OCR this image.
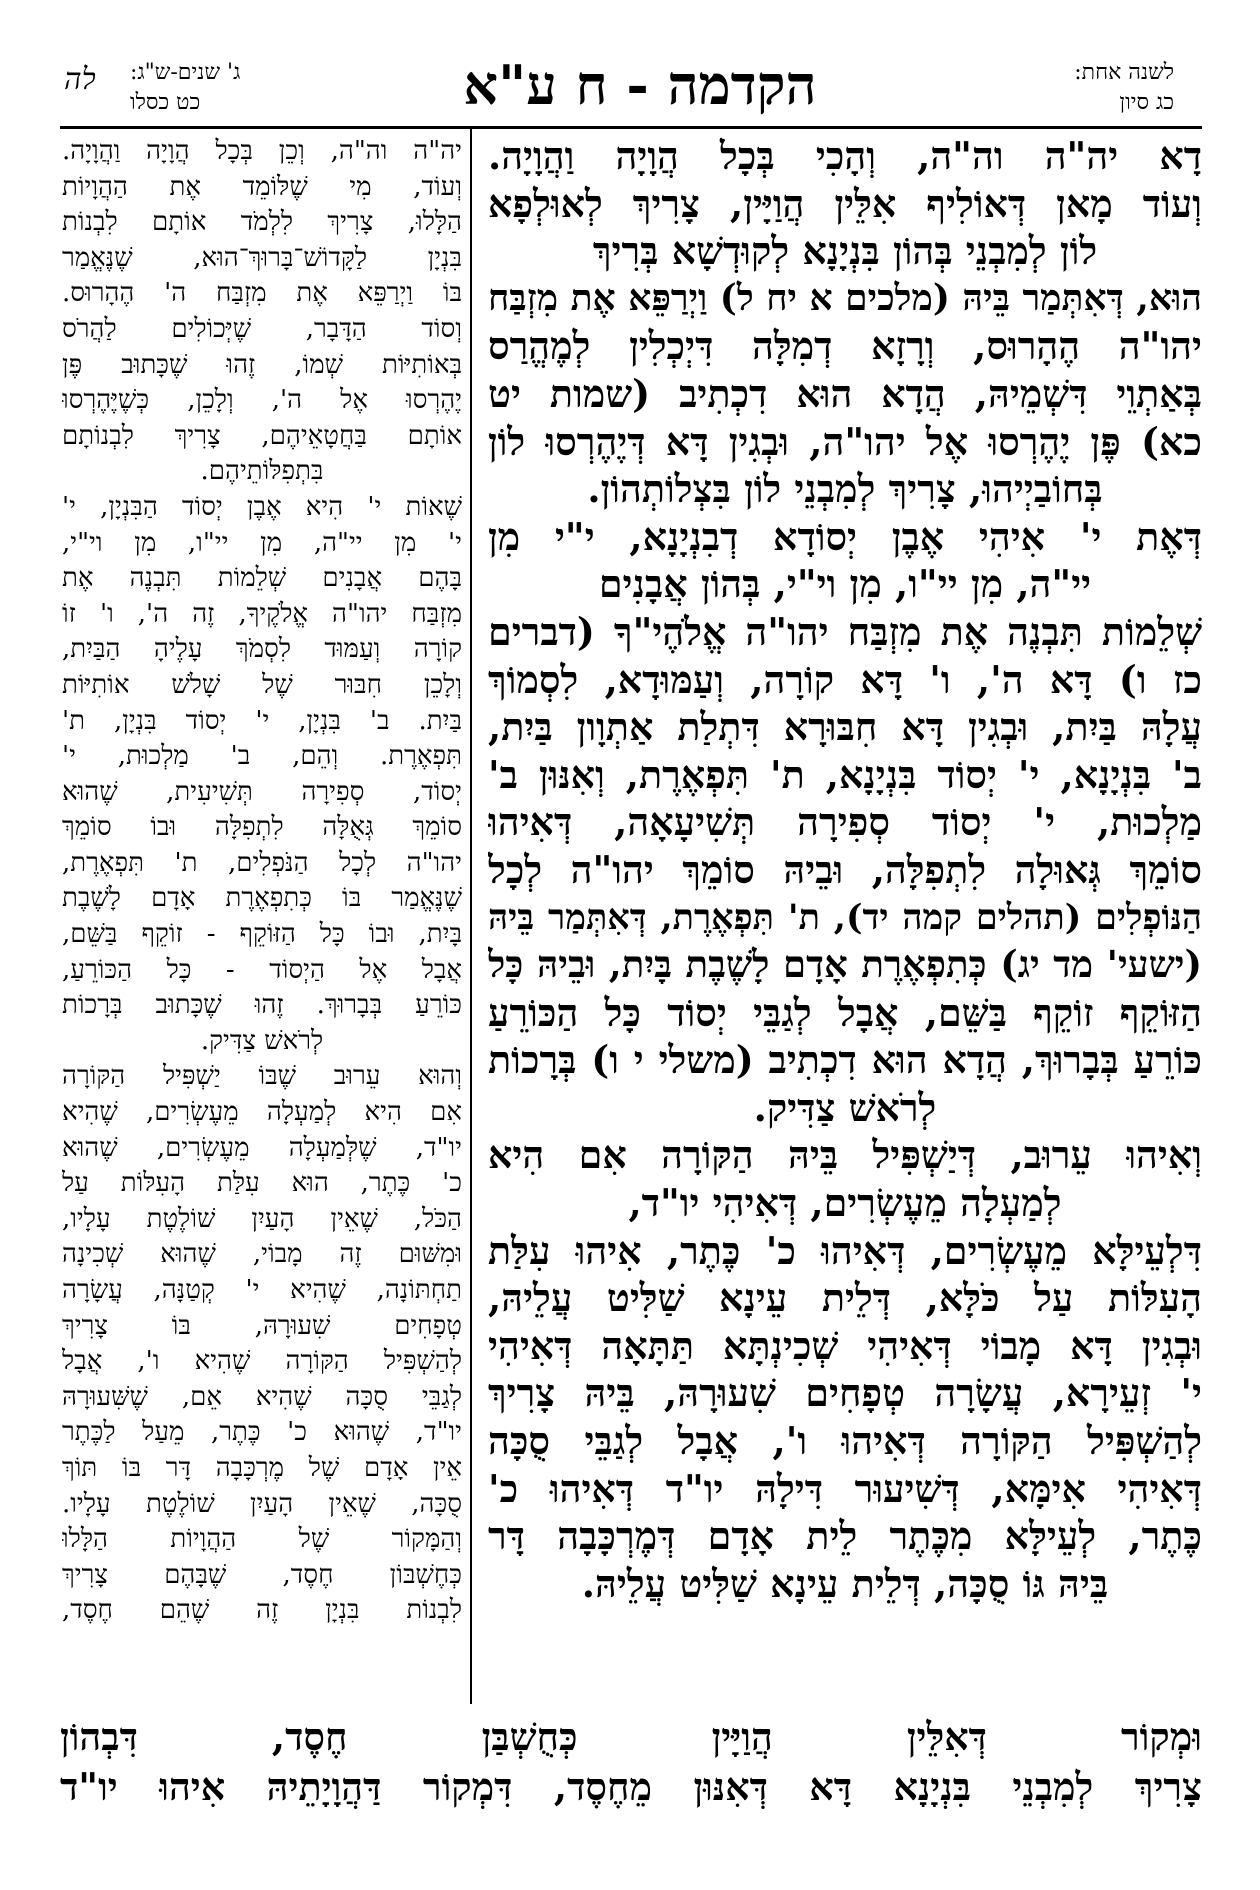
לשנה אחת:
כג סיון
הקדמה - ח ע"א
ג' שנים-ש"ג:
כט כסלו
לה
דָא יה"ה וה"ה, וְהָכִי בְּכָל הֲוָיָה וַהֲוָיָה.
וְעוֹד מָאן דְּאוֹלִיף אִלֵּין הֲוַיָּין, צָרִיךְ לְאוּלְפָא
לוֹן לְמִבְנֵי בְּהוֹן בִּנְיָנָא לְקוּדְשָׁא בְּרִיךְ
הוּא, דְּאִתְּמַר בֵּיהּ (מלכים א יח ל) וַיְרַפֵּא אֶת מִזְבַּח
יהו"ה הֶהָרוּס, וְרָזָא דְמִלָּה דִּיְכְלִין לְמֶהֱרַס
בְּאַתְוֵי דִּשְׁמֵיהּ, הֲדָא הוּא דִכְתִיב (שמות יט
כא) פֶּן יֶהֶרְסוּ אֶל יהו"ה, וּבְגִין דָּא דְּיֶהֶרְסוּ לוֹן
בְּחוֹבַיְיהוּ, צָרִיךְ לְמִבְנֵי לוֹן בִּצְלוֹתְהוֹן.
דְּאֶת י' אִיהִי אֶבֶן יְסוֹדָא דְבִנְיָנָא, י"י מִן
יי"ה, מִן יי"ו, מִן וי"י, בְּהוֹן אֲבָנִים
שְׁלֵמוֹת תִּבְנֶה אֶת מִזְבַּח יהו"ה אֱלֹהֶי"ךָ (דברים
כז ו) דָּא ה', ו' דָּא קוֹרָה, וְעַמּוּדָא, לִסְמוֹךְ
עֲלָהּ בַּיִת, וּבְגִין דָּא חִבּוּרָא דִּתְלַת אַתְוָון בַּיִת,
ב' בִּנְיָנָא, י' יְסוֹד בִּנְיָנָא, ת' תִּפְאֶרֶת, וְאִנּוּן ב'
מַלְכוּת, י' יְסוֹד סְפִירָה תְּשִׁיעָאָה, דְּאִיהוּ
סוֹמֵךְ גְּאוּלָה לִתְפִלָּה, וּבֵיהּ סוֹמֵךְ יהו"ה לְכָל
הַנּוֹפְלִים (תהלים קמה יד), ת' תִּפְאֶרֶת, דְּאִתְּמַר בֵּיהּ
(ישעי' מד יג) כְּתִפְאֶרֶת אָדָם לָשֶׁבֶת בָּיִת, וּבֵיהּ כָּל
הַזּוֹקֵף זוֹקֵף בַּשֵּׁם, אֲבָל לְגַבֵּי יְסוֹד כָּל הַכּוֹרֵעַ
כּוֹרֵעַ בְּבָרוּךְ, הֲדָא הוּא דִכְתִיב (משלי י ו) בְּרָכוֹת
לְרֹאשׁ צַדִּיק.
וְאִיהוּ עֵרוּב, דְּיַשְׁפִּיל בֵּיהּ הַקּוֹרָה אִם הִיא
לְמַעְלָה מֵעֶשְׂרִים, דְּאִיהִי יו"ד,
דִּלְעֵילָּא מֵעֶשְׂרִים, דְּאִיהוּ כ' כֶּתֶר, אִיהוּ עִלַּת
הָעִלּוֹת עַל כֹּלָּא, דְּלֵית עֵינָא שַׁלִּיט עֲלֵיהּ,
וּבְגִין דָּא מָבוֹי דְּאִיהִי שְׁכִינְתָּא תַּתָּאָה דְּאִיהִי
י' זְעֵירָא, עֲשָׂרָה טְפָחִים שִׁעוּרָהּ, בֵּיהּ צָרִיךְ
לְהַשְׁפִּיל הַקּוֹרָה דְּאִיהוּ ו', אֲבָל לְגַבֵּי סֻכָּה
דְּאִיהִי אִימָּא, דְּשִׁיעוּר דִּילָהּ יו"ד דְּאִיהוּ כ'
כֶּתֶר, לְעֵילָּא מִכֶּתֶר לֵית אָדָם דְּמֶרְכָּבָה דָּר
בֵּיהּ גּוֹ סֻכָּה, דְּלֵית עֵינָא שַׁלִּיט עֲלֵיהּ.
יה"ה וה"ה, וְכֵן בְּכָל הֲוָיָה וַהֲוָיָה.
וְעוֹד, מִי שֶׁלּוֹמֵד אֶת הַהֲוָיוֹת
הַלָּלוּ, צָרִיךְ לִלְמֹד אוֹתָם לִבְנוֹת
בִּנְיָן לַקָּדוֹשׁ־בָּרוּךְ־הוּא, שֶׁנֶּאֱמַר
בּוֹ וַיְרַפֵּא אֶת מִזְבַּח ה' הֶהָרוּס.
וְסוֹד הַדָּבָר, שֶׁיְּכוֹלִים לַהֲרֹס
בְּאוֹתִיּוֹת שְׁמוֹ, זֶהוּ שֶׁכָּתוּב פֶּן
יֶהֶרְסוּ אֶל ה', וְלָכֵן, כְּשֶׁיֶּהֶרְסוּ
אוֹתָם בַּחֲטָאֵיהֶם, צָרִיךְ לִבְנוֹתָם
בִּתְפִלּוֹתֵיהֶם.
שֶׁאוֹת י' הִיא אֶבֶן יְסוֹד הַבִּנְיָן, י'
י' מִן יי"ה, מִן יי"ו, מִן וי"י,
בָּהֶם אֲבָנִים שְׁלֵמוֹת תִּבְנֶה אֶת
מִזְבַּח יהו"ה אֱלֹקֶיךָ, זֶה ה', ו' זוֹ
קוֹרָה וְעַמּוּד לִסְמֹךְ עָלֶיהָ הַבַּיִת,
וְלָכֵן חִבּוּר שֶׁל שָׁלֹשׁ אוֹתִיּוֹת
בַּיִת. ב' בִּנְיָן, י' יְסוֹד בִּנְיָן, ת'
תִּפְאֶרֶת. וְהֵם, ב' מַלְכוּת, י'
יְסוֹד, סְפִירָה תְּשִׁיעִית, שֶׁהוּא
סוֹמֵךְ גְּאֻלָּה לִתְפִלָּה וּבוֹ סוֹמֵךְ
יהו"ה לְכָל הַנֹּפְלִים, ת' תִּפְאֶרֶת,
שֶׁנֶּאֱמַר בּוֹ כְּתִפְאֶרֶת אָדָם לָשֶׁבֶת
בָּיִת, וּבוֹ כָּל הַזּוֹקֵף - זוֹקֵף בַּשֵּׁם,
אֲבָל אֶל הַיְסוֹד - כָּל הַכּוֹרֵעַ,
כּוֹרֵעַ בְּבָרוּךְ. זֶהוּ שֶׁכָּתוּב בְּרָכוֹת
לְרֹאשׁ צַדִּיק.
וְהוּא עֵרוּב שֶׁבּוֹ יַשְׁפִּיל הַקּוֹרָה
אִם הִיא לְמַעְלָה מֵעֶשְׂרִים, שֶׁהִיא
יו"ד, שֶׁלְּמַעְלָה מֵעֶשְׂרִים, שֶׁהוּא
כ' כֶּתֶר, הוּא עִלַּת הָעִלּוֹת עַל
הַכֹּל, שֶׁאֵין הָעַיִן שׁוֹלֶטֶת עָלָיו,
וּמִשּׁוּם זֶה מָבוֹי, שֶׁהוּא שְׁכִינָה
תַחְתּוֹנָה, שֶׁהִיא י' קְטַנָּה, עֲשָׂרָה
טְפָחִים שִׁעוּרָהּ, בּוֹ צָרִיךְ
לְהַשְׁפִּיל הַקּוֹרָה שֶׁהִיא ו', אֲבָל
לְגַבֵּי סֻכָּה שֶׁהִיא אֵם, שֶׁשִּׁעוּרָהּ
יו"ד, שֶׁהוּא כ' כֶּתֶר, מֵעַל לַכֶּתֶר
אֵין אָדָם שֶׁל מֶרְכָּבָה דָּר בּוֹ תּוֹךְ
סֻכָּה, שֶׁאֵין הָעַיִן שׁוֹלֶטֶת עָלָיו.
וְהַמָּקוֹר שֶׁל הַהֲוָיוֹת הַלָּלוּ
כְּחֶשְׁבּוֹן חֶסֶד, שֶׁבָּהֶם צָרִיךְ
לִבְנוֹת בִּנְיָן זֶה שֶׁהֵם חֶסֶד,
וּמְקוֹר דְּאִלֵּין הֲוַיָּין כְּחֻשְׁבַּן חֶסֶד, דִּבְהוֹן
צָרִיךְ לְמִבְנֵי בִּנְיָנָא דָּא דְּאִנּוּן מֵחֶסֶד, דִּמְקוֹר דַּהֲוָיָתֵיהּ אִיהוּ יו"ד
